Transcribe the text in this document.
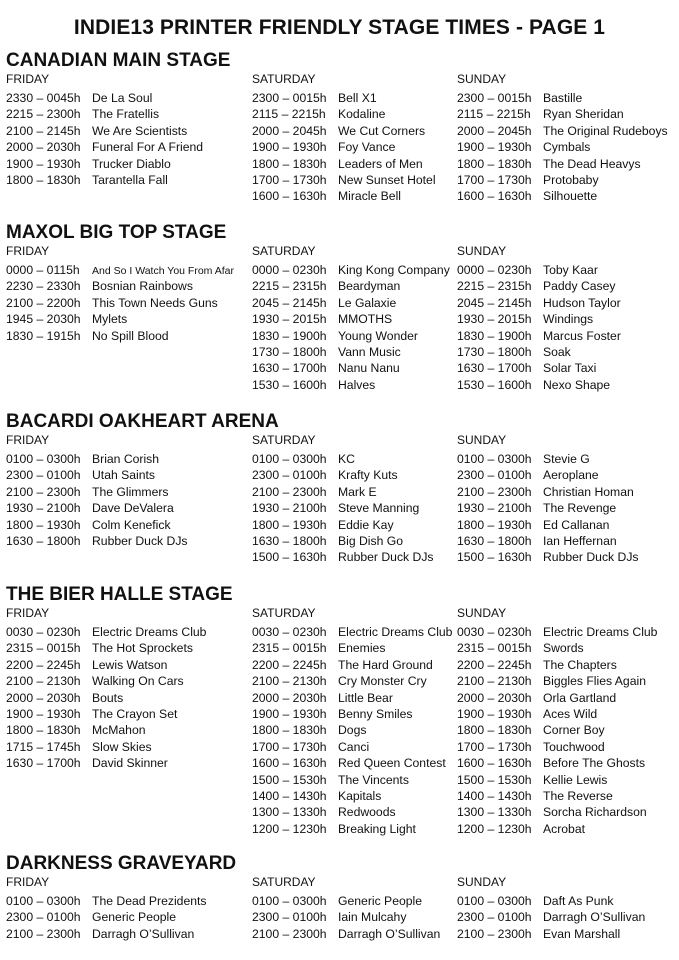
INDIE13 PRINTER FRIENDLY STAGE TIMES - PAGE 1
CANADIAN MAIN STAGE
FRIDAY
2330 – 0045h De La Soul
2215 – 2300h The Fratellis
2100 – 2145h We Are Scientists
2000 – 2030h Funeral For A Friend
1900 – 1930h Trucker Diablo
1800 – 1830h Tarantella Fall
SATURDAY
2300 – 0015h Bell X1
2115 – 2215h Kodaline
2000 – 2045h We Cut Corners
1900 – 1930h Foy Vance
1800 – 1830h Leaders of Men
1700 – 1730h New Sunset Hotel
1600 – 1630h Miracle Bell
SUNDAY
2300 – 0015h Bastille
2115 – 2215h Ryan Sheridan
2000 – 2045h The Original Rudeboys
1900 – 1930h Cymbals
1800 – 1830h The Dead Heavys
1700 – 1730h Protobaby
1600 – 1630h Silhouette
MAXOL BIG TOP STAGE
FRIDAY
0000 – 0115h And So I Watch You From Afar
2230 – 2330h Bosnian Rainbows
2100 – 2200h This Town Needs Guns
1945 – 2030h Mylets
1830 – 1915h No Spill Blood
SATURDAY
0000 – 0230h King Kong Company
2215 – 2315h Beardyman
2045 – 2145h Le Galaxie
1930 – 2015h MMOTHS
1830 – 1900h Young Wonder
1730 – 1800h Vann Music
1630 – 1700h Nanu Nanu
1530 – 1600h Halves
SUNDAY
0000 – 0230h Toby Kaar
2215 – 2315h Paddy Casey
2045 – 2145h Hudson Taylor
1930 – 2015h Windings
1830 – 1900h Marcus Foster
1730 – 1800h Soak
1630 – 1700h Solar Taxi
1530 – 1600h Nexo Shape
BACARDI OAKHEART ARENA
FRIDAY
0100 – 0300h Brian Corish
2300 – 0100h Utah Saints
2100 – 2300h The Glimmers
1930 – 2100h Dave DeValera
1800 – 1930h Colm Kenefick
1630 – 1800h Rubber Duck DJs
SATURDAY
0100 – 0300h KC
2300 – 0100h Krafty Kuts
2100 – 2300h Mark E
1930 – 2100h Steve Manning
1800 – 1930h Eddie Kay
1630 – 1800h Big Dish Go
1500 – 1630h Rubber Duck DJs
SUNDAY
0100 – 0300h Stevie G
2300 – 0100h Aeroplane
2100 – 2300h Christian Homan
1930 – 2100h The Revenge
1800 – 1930h Ed Callanan
1630 – 1800h Ian Heffernan
1500 – 1630h Rubber Duck DJs
THE BIER HALLE STAGE
FRIDAY
0030 – 0230h Electric Dreams Club
2315 – 0015h The Hot Sprockets
2200 – 2245h Lewis Watson
2100 – 2130h Walking On Cars
2000 – 2030h Bouts
1900 – 1930h The Crayon Set
1800 – 1830h McMahon
1715 – 1745h Slow Skies
1630 – 1700h David Skinner
SATURDAY
0030 – 0230h Electric Dreams Club
2315 – 0015h Enemies
2200 – 2245h The Hard Ground
2100 – 2130h Cry Monster Cry
2000 – 2030h Little Bear
1900 – 1930h Benny Smiles
1800 – 1830h Dogs
1700 – 1730h Canci
1600 – 1630h Red Queen Contest
1500 – 1530h The Vincents
1400 – 1430h Kapitals
1300 – 1330h Redwoods
1200 – 1230h Breaking Light
SUNDAY
0030 – 0230h Electric Dreams Club
2315 – 0015h Swords
2200 – 2245h The Chapters
2100 – 2130h Biggles Flies Again
2000 – 2030h Orla Gartland
1900 – 1930h Aces Wild
1800 – 1830h Corner Boy
1700 – 1730h Touchwood
1600 – 1630h Before The Ghosts
1500 – 1530h Kellie Lewis
1400 – 1430h The Reverse
1300 – 1330h Sorcha Richardson
1200 – 1230h Acrobat
DARKNESS GRAVEYARD
FRIDAY
0100 – 0300h The Dead Prezidents
2300 – 0100h Generic People
2100 – 2300h Darragh O’Sullivan
SATURDAY
0100 – 0300h Generic People
2300 – 0100h Iain Mulcahy
2100 – 2300h Darragh O’Sullivan
SUNDAY
0100 – 0300h Daft As Punk
2300 – 0100h Darragh O’Sullivan
2100 – 2300h Evan Marshall
